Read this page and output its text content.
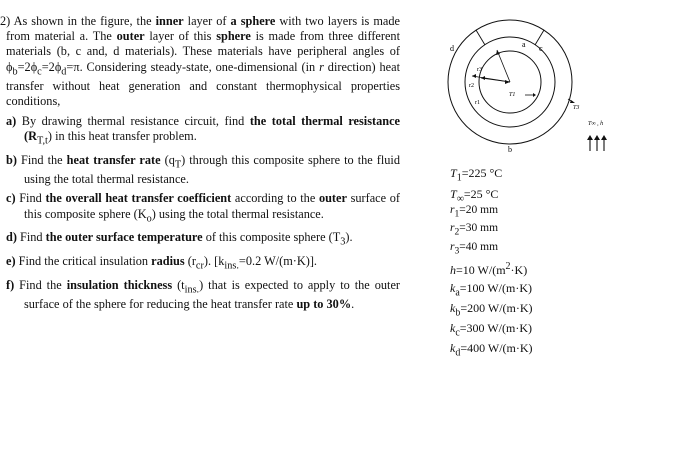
2) As shown in the figure, the inner layer of a sphere with two layers is made from material a. The outer layer of this sphere is made from three different materials (b, c and, d materials). These materials have peripheral angles of $\phi_b=2\phi_c=2\phi_d=\pi$. Considering steady-state, one-dimensional (in r direction) heat transfer without heat generation and constant thermophysical properties conditions,

a) By drawing thermal resistance circuit, find the total thermal resistance $(R_{T,t})$ in this heat transfer problem.
b) Find the heat transfer rate $(q_T)$ through this composite sphere to the fluid using the total thermal resistance.
c) Find the overall heat transfer coefficient according to the outer surface of this composite sphere $(K_o)$ using the total thermal resistance.
d) Find the outer surface temperature of this composite sphere $(T_3)$.
e) Find the critical insulation radius $(r_{cr})$. [$k_{ins.}=0.2$ W/(m·K)].
f) Find the insulation thickness $(t_{ins.})$ that is expected to apply to the outer surface of the sphere for reducing the heat transfer rate up to 30%.
d	a c
b
r3
r2
r1
T1
T3
T∞ , h
$T_1=225$ °C
$T_\infty=25$ °C
$r_1=20$ mm
$r_2=30$ mm
$r_3=40$ mm
h=10 $W/(m^2\cdot K)$
$k_a=100$ W/(m·K)
$k_b=200$ W/(m·K)
$k_c=300$ W/(m·K)
$k_d=400$ W/(m·K)
